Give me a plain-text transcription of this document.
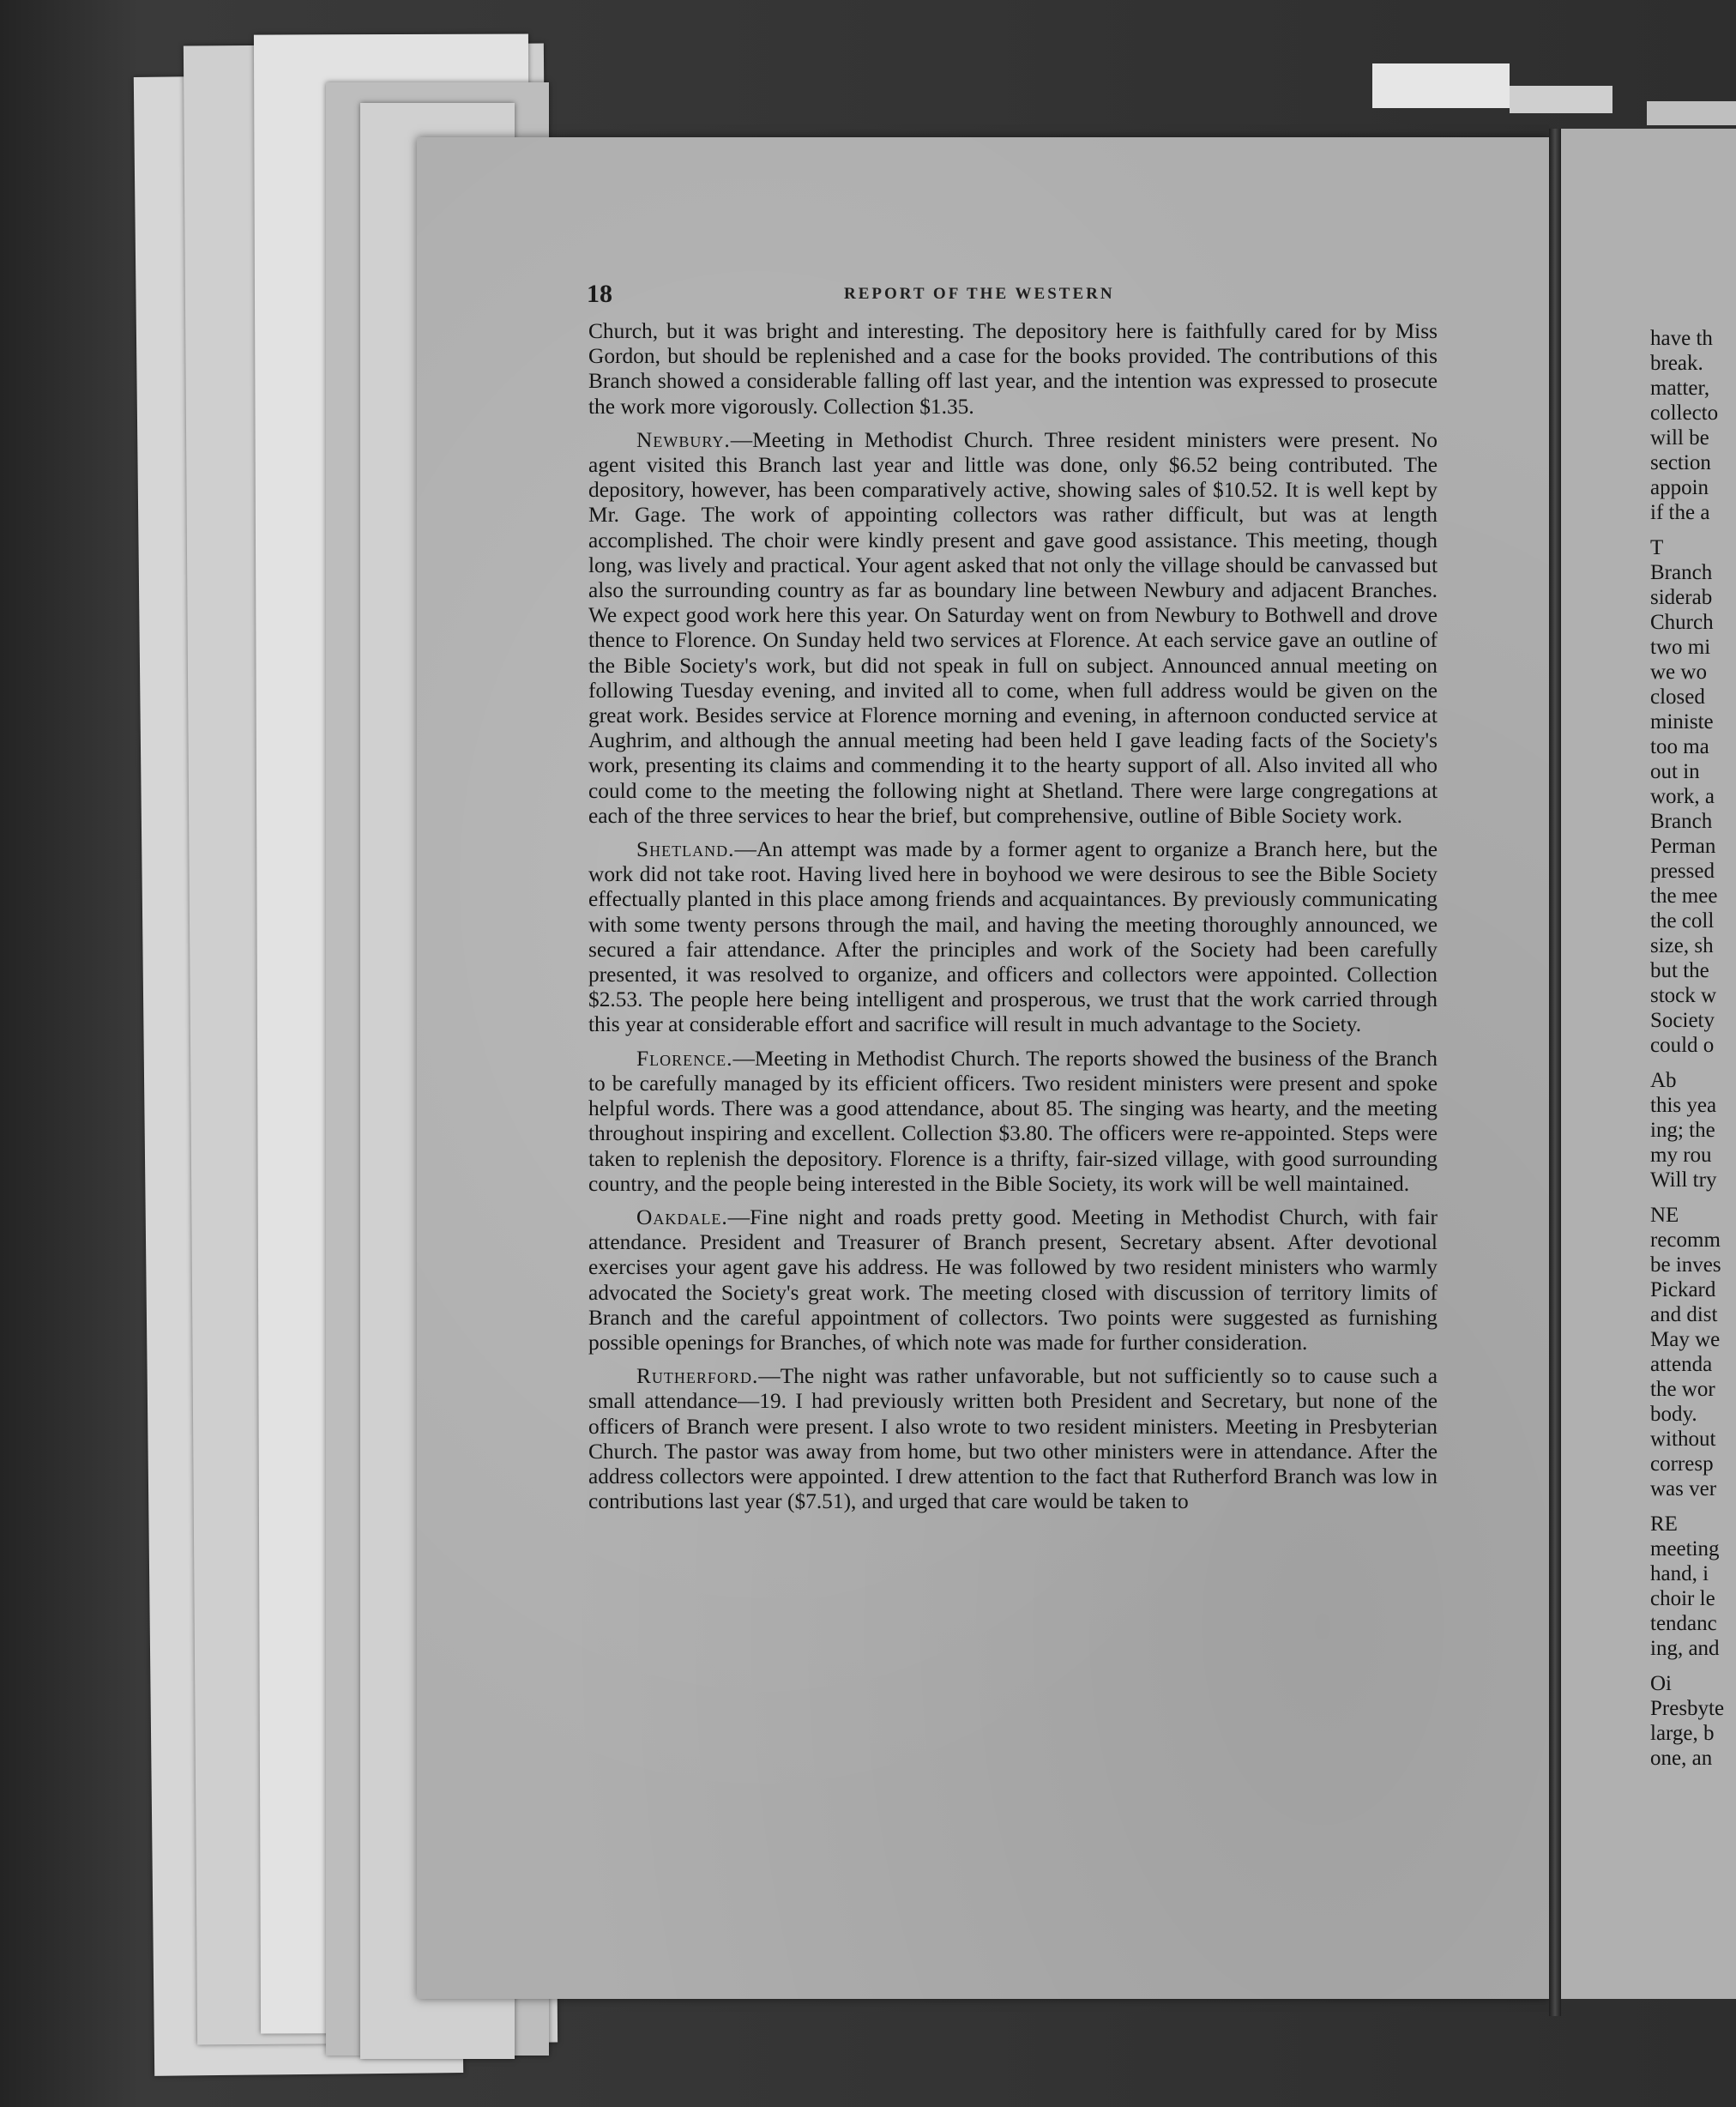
18	REPORT OF THE WESTERN

Church, but it was bright and interesting. The depository here is faithfully cared for by Miss Gordon, but should be replenished and a case for the books provided. The contributions of this Branch showed a considerable falling off last year, and the intention was expressed to prosecute the work more vigorously. Collection $1.35.

Newbury.—Meeting in Methodist Church. Three resident ministers were present. No agent visited this Branch last year and little was done, only $6.52 being contributed. The depository, however, has been comparatively active, showing sales of $10.52. It is well kept by Mr. Gage. The work of appointing collectors was rather difficult, but was at length accomplished. The choir were kindly present and gave good assistance. This meeting, though long, was lively and practical. Your agent asked that not only the village should be canvassed but also the surrounding country as far as boundary line between Newbury and adjacent Branches. We expect good work here this year. On Saturday went on from Newbury to Bothwell and drove thence to Florence. On Sunday held two services at Florence. At each service gave an outline of the Bible Society's work, but did not speak in full on subject. Announced annual meeting on following Tuesday evening, and invited all to come, when full address would be given on the great work. Besides service at Florence morning and evening, in afternoon conducted service at Aughrim, and although the annual meeting had been held I gave leading facts of the Society's work, presenting its claims and commending it to the hearty support of all. Also invited all who could come to the meeting the following night at Shetland. There were large congregations at each of the three services to hear the brief, but comprehensive, outline of Bible Society work.

Shetland.—An attempt was made by a former agent to organize a Branch here, but the work did not take root. Having lived here in boyhood we were desirous to see the Bible Society effectually planted in this place among friends and acquaintances. By previously communicating with some twenty persons through the mail, and having the meeting thoroughly announced, we secured a fair attendance. After the principles and work of the Society had been carefully presented, it was resolved to organize, and officers and collectors were appointed. Collection $2.53. The people here being intelligent and prosperous, we trust that the work carried through this year at considerable effort and sacrifice will result in much advantage to the Society.

Florence.—Meeting in Methodist Church. The reports showed the business of the Branch to be carefully managed by its efficient officers. Two resident ministers were present and spoke helpful words. There was a good attendance, about 85. The singing was hearty, and the meeting throughout inspiring and excellent. Collection $3.80. The officers were re-appointed. Steps were taken to replenish the depository. Florence is a thrifty, fair-sized village, with good surrounding country, and the people being interested in the Bible Society, its work will be well maintained.

Oakdale.—Fine night and roads pretty good. Meeting in Methodist Church, with fair attendance. President and Treasurer of Branch present, Secretary absent. After devotional exercises your agent gave his address. He was followed by two resident ministers who warmly advocated the Society's great work. The meeting closed with discussion of territory limits of Branch and the careful appointment of collectors. Two points were suggested as furnishing possible openings for Branches, of which note was made for further consideration.

Rutherford.—The night was rather unfavorable, but not sufficiently so to cause such a small attendance—19. I had previously written both President and Secretary, but none of the officers of Branch were present. I also wrote to two resident ministers. Meeting in Presbyterian Church. The pastor was away from home, but two other ministers were in attendance. After the address collectors were appointed. I drew attention to the fact that Rutherford Branch was low in contributions last year ($7.51), and urged that care would be taken to

have th
break.
matter,
collecto
will be
section
appoin
if the a
T
Branch
siderab
Church
two mi
we wo
closed
ministe
too ma
out in
work, a
Branch
Perman
pressed
the mee
the coll
size, sh
but the
stock w
Society
could o
Ab
this yea
ing; the
my rou
Will try
NE
recomm
be inves
Pickard
and dist
May we
attenda
the wor
body.
without
corresp
was ver
RE
meeting
hand, i
choir le
tendanc
ing, and
Oi
Presbyte
large, b
one, an
